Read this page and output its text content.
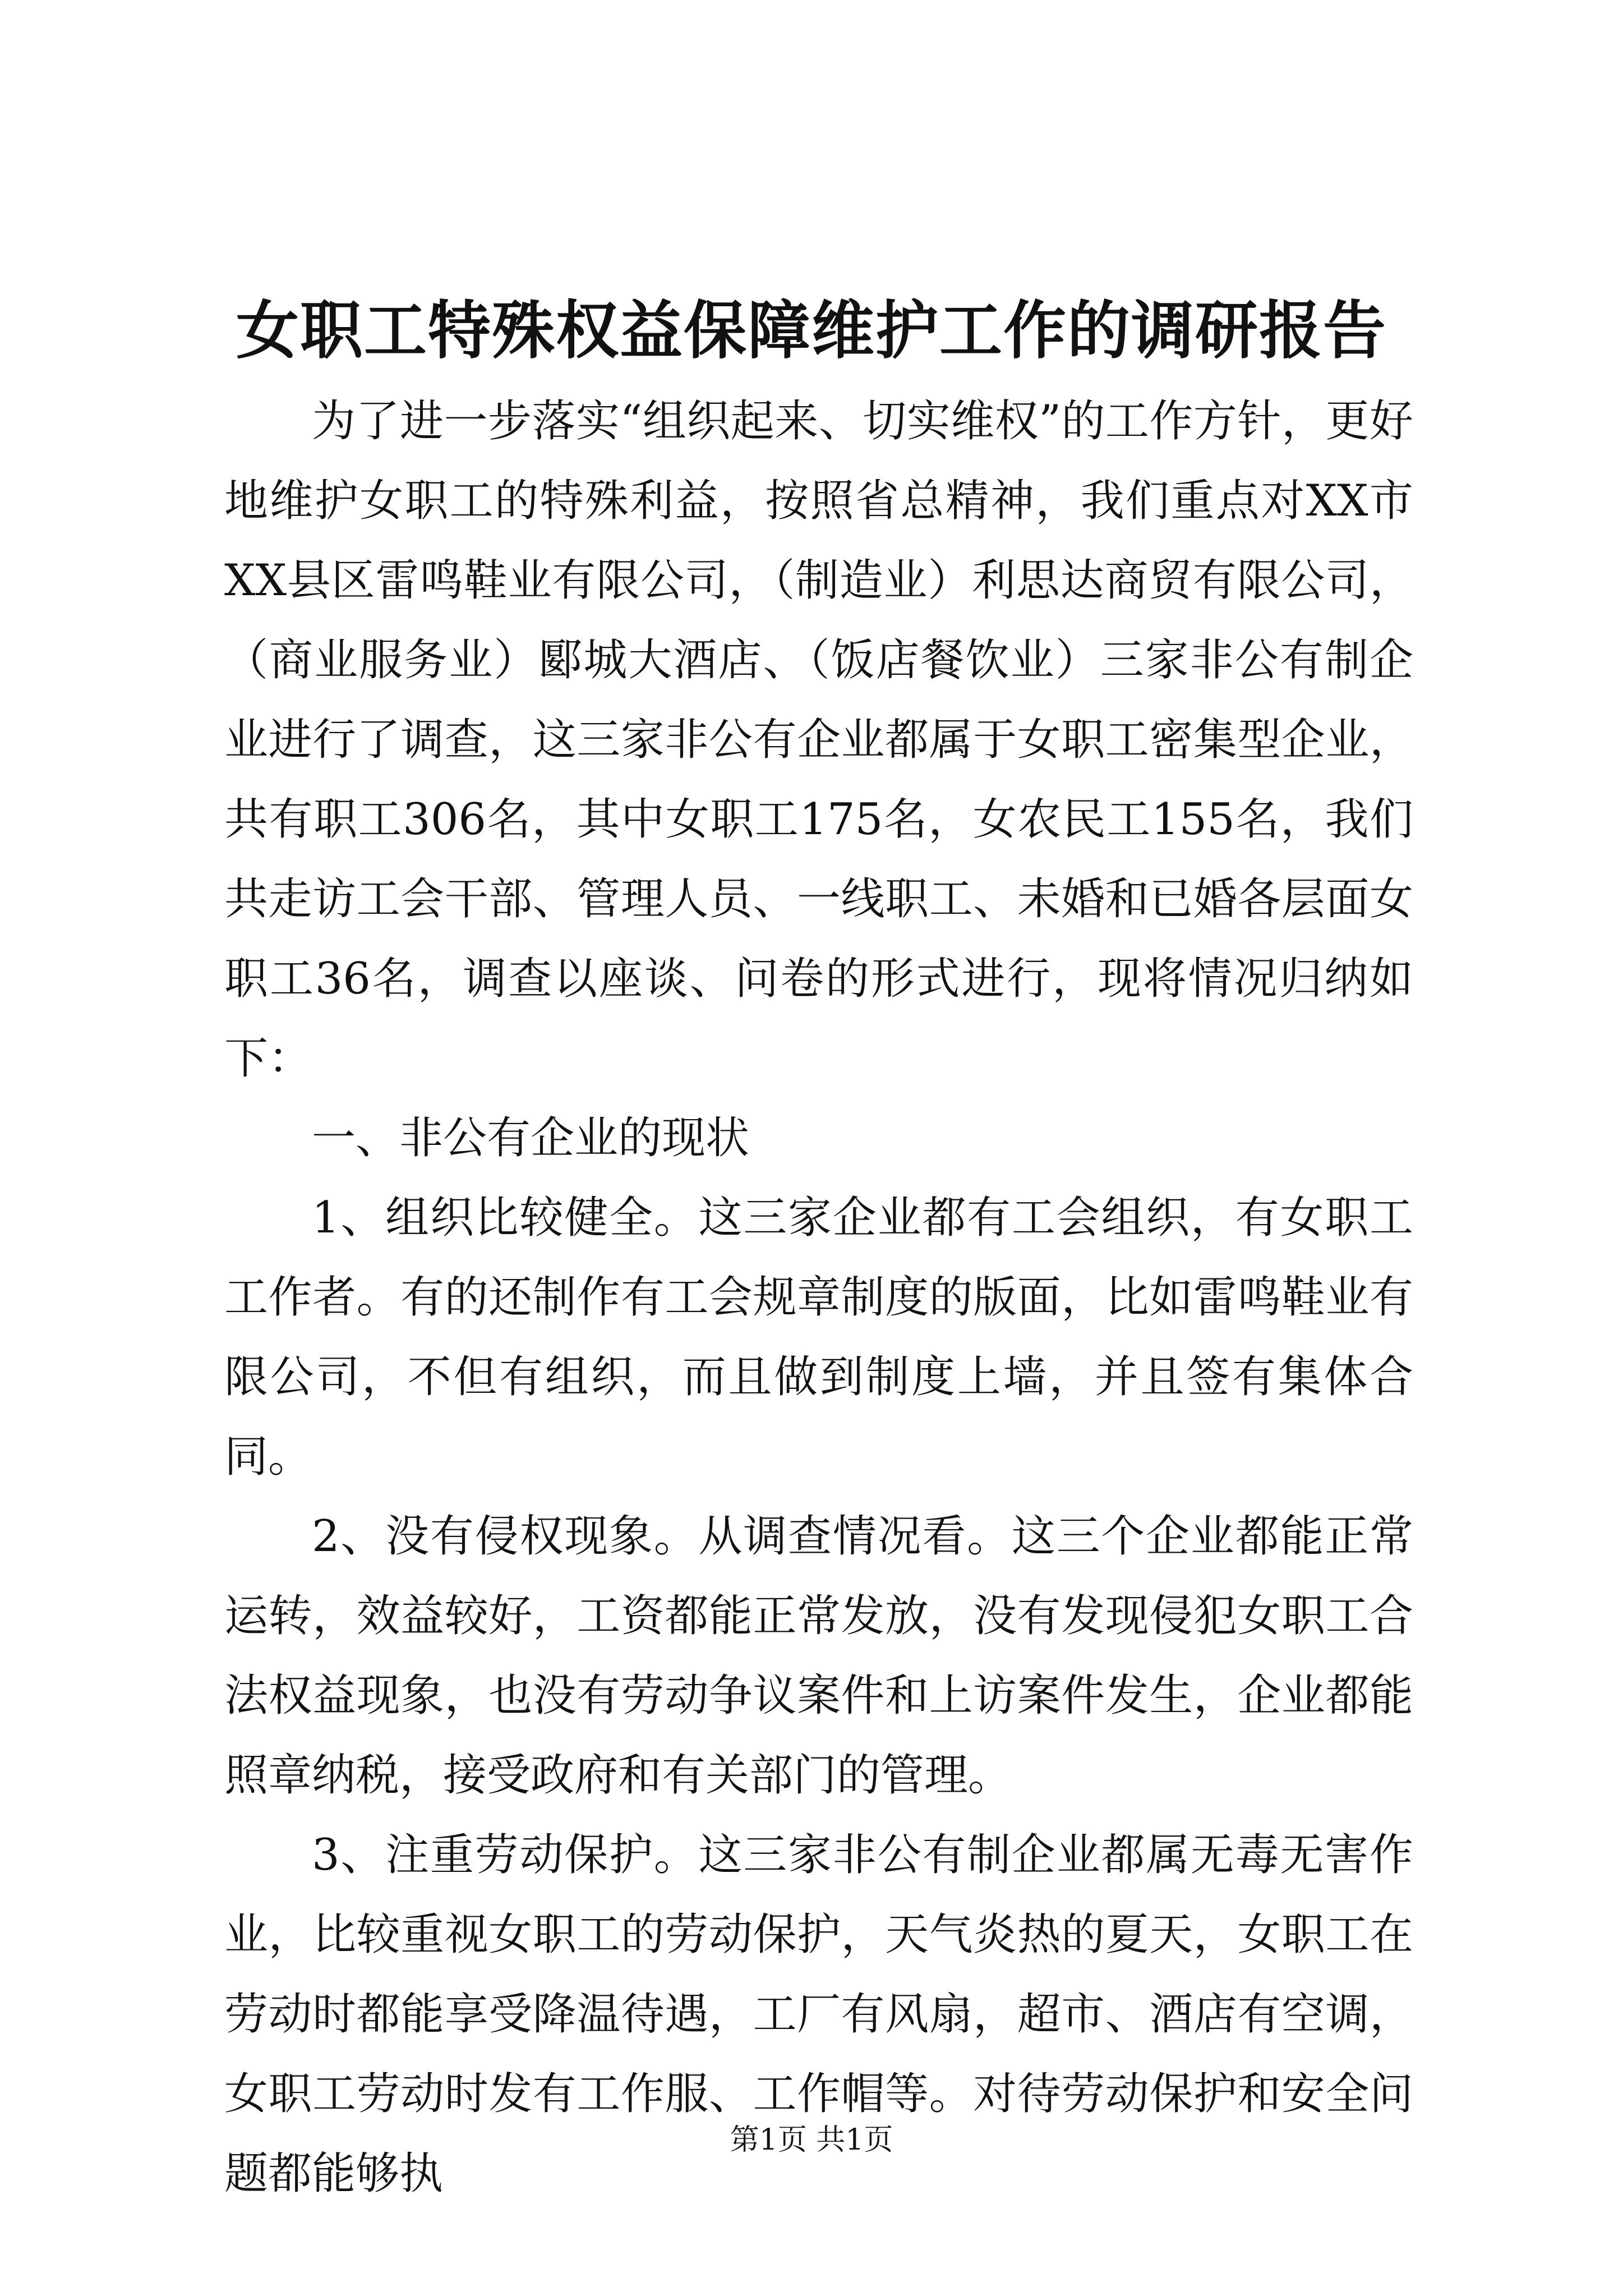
女职工特殊权益保障维护工作的调研报告

为了进一步落实“组织起来、切实维权”的工作方针，更好地维护女职工的特殊利益，按照省总精神，我们重点对XX市XX县区雷鸣鞋业有限公司，（制造业）利思达商贸有限公司，（商业服务业）郾城大酒店、（饭店餐饮业）三家非公有制企业进行了调查，这三家非公有企业都属于女职工密集型企业，共有职工306名，其中女职工175名，女农民工155名，我们共走访工会干部、管理人员、一线职工、未婚和已婚各层面女职工36名，调查以座谈、问卷的形式进行，现将情况归纳如下：

一、非公有企业的现状

1、组织比较健全。这三家企业都有工会组织，有女职工工作者。有的还制作有工会规章制度的版面，比如雷鸣鞋业有限公司，不但有组织，而且做到制度上墙，并且签有集体合同。

2、没有侵权现象。从调查情况看。这三个企业都能正常运转，效益较好，工资都能正常发放，没有发现侵犯女职工合法权益现象，也没有劳动争议案件和上访案件发生，企业都能照章纳税，接受政府和有关部门的管理。

3、注重劳动保护。这三家非公有制企业都属无毒无害作业，比较重视女职工的劳动保护，天气炎热的夏天，女职工在劳动时都能享受降温待遇，工厂有风扇，超市、酒店有空调，女职工劳动时发有工作服、工作帽等。对待劳动保护和安全问题都能够执

第1页 共1页
